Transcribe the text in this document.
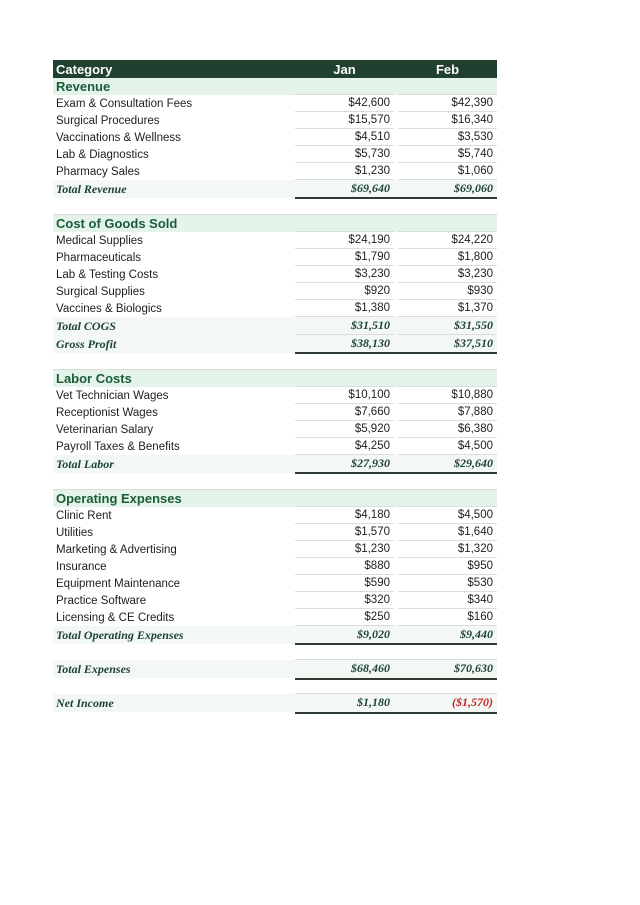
Category	Jan	Feb
Revenue
Exam & Consultation Fees	$42,600	$42,390
Surgical Procedures	$15,570	$16,340
Vaccinations & Wellness	$4,510	$3,530
Lab & Diagnostics	$5,730	$5,740
Pharmacy Sales	$1,230	$1,060
Total Revenue	$69,640	$69,060
Cost of Goods Sold
Medical Supplies	$24,190	$24,220
Pharmaceuticals	$1,790	$1,800
Lab & Testing Costs	$3,230	$3,230
Surgical Supplies	$920	$930
Vaccines & Biologics	$1,380	$1,370
Total COGS	$31,510	$31,550
Gross Profit	$38,130	$37,510
Labor Costs
Vet Technician Wages	$10,100	$10,880
Receptionist Wages	$7,660	$7,880
Veterinarian Salary	$5,920	$6,380
Payroll Taxes & Benefits	$4,250	$4,500
Total Labor	$27,930	$29,640
Operating Expenses
Clinic Rent	$4,180	$4,500
Utilities	$1,570	$1,640
Marketing & Advertising	$1,230	$1,320
Insurance	$880	$950
Equipment Maintenance	$590	$530
Practice Software	$320	$340
Licensing & CE Credits	$250	$160
Total Operating Expenses	$9,020	$9,440
Total Expenses	$68,460	$70,630
Net Income	$1,180	($1,570)
